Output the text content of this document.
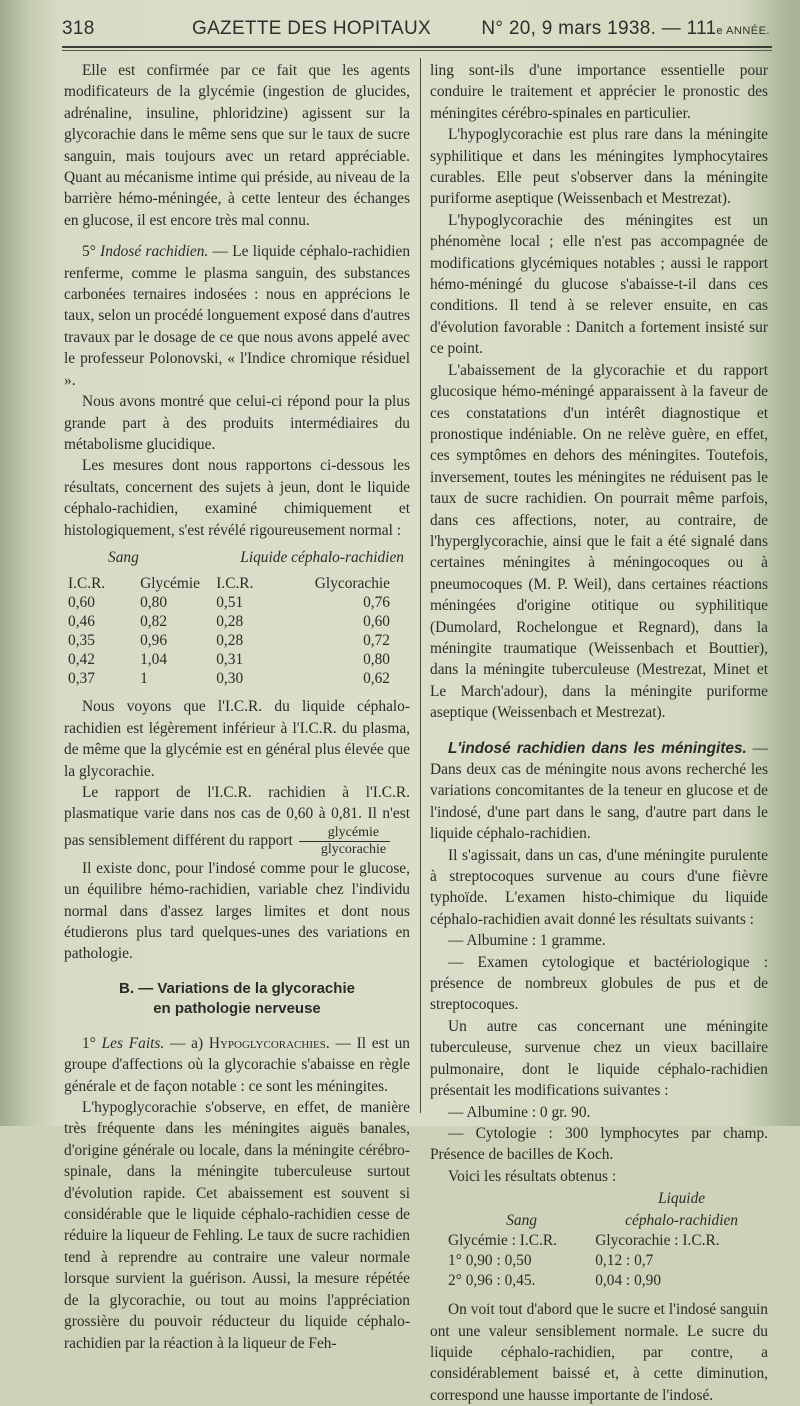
318	GAZETTE DES HOPITAUX	N° 20, 9 mars 1938. — 111e ANNÉE.

Elle est confirmée par ce fait que les agents modificateurs de la glycémie (ingestion de glucides, adrénaline, insuline, phloridzine) agissent sur la glycorachie dans le même sens que sur le taux de sucre sanguin, mais toujours avec un retard appréciable. Quant au mécanisme intime qui préside, au niveau de la barrière hémo-méningée, à cette lenteur des échanges en glucose, il est encore très mal connu.

5° Indosé rachidien. — Le liquide céphalo-rachidien renferme, comme le plasma sanguin, des substances carbonées ternaires indosées : nous en apprécions le taux, selon un procédé longuement exposé dans d'autres travaux par le dosage de ce que nous avons appelé avec le professeur Polonovski, « l'Indice chromique résiduel ».

Nous avons montré que celui-ci répond pour la plus grande part à des produits intermédiaires du métabolisme glucidique.

Les mesures dont nous rapportons ci-dessous les résultats, concernent des sujets à jeun, dont le liquide céphalo-rachidien, examiné chimiquement et histologiquement, s'est révélé rigoureusement normal :

Sang	Liquide céphalo-rachidien
I.C.R.	Glycémie	I.C.R.	Glycorachie
0,60	0,80	0,51	0,76
0,46	0,82	0,28	0,60
0,35	0,96	0,28	0,72
0,42	1,04	0,31	0,80
0,37	1	0,30	0,62

Nous voyons que l'I.C.R. du liquide céphalo-rachidien est légèrement inférieur à l'I.C.R. du plasma, de même que la glycémie est en général plus élevée que la glycorachie.

Le rapport de l'I.C.R. rachidien à l'I.C.R. plasmatique varie dans nos cas de 0,60 à 0,81. Il n'est pas sensiblement différent du rapport $\frac{\text{glycémie}}{\text{glycorachie}}$

Il existe donc, pour l'indosé comme pour le glucose, un équilibre hémo-rachidien, variable chez l'individu normal dans d'assez larges limites et dont nous étudierons plus tard quelques-unes des variations en pathologie.

B. — Variations de la glycorachie
en pathologie nerveuse

1° Les Faits. — a) Hypoglycorachies. — Il est un groupe d'affections où la glycorachie s'abaisse en règle générale et de façon notable : ce sont les méningites.

L'hypoglycorachie s'observe, en effet, de manière très fréquente dans les méningites aiguës banales, d'origine générale ou locale, dans la méningite cérébro-spinale, dans la méningite tuberculeuse surtout d'évolution rapide. Cet abaissement est souvent si considérable que le liquide céphalo-rachidien cesse de réduire la liqueur de Fehling. Le taux de sucre rachidien tend à reprendre au contraire une valeur normale lorsque survient la guérison. Aussi, la mesure répétée de la glycorachie, ou tout au moins l'appréciation grossière du pouvoir réducteur du liquide céphalo-rachidien par la réaction à la liqueur de Feh-

ling sont-ils d'une importance essentielle pour conduire le traitement et apprécier le pronostic des méningites cérébro-spinales en particulier.

L'hypoglycorachie est plus rare dans la méningite syphilitique et dans les méningites lymphocytaires curables. Elle peut s'observer dans la méningite puriforme aseptique (Weissenbach et Mestrezat).

L'hypoglycorachie des méningites est un phénomène local ; elle n'est pas accompagnée de modifications glycémiques notables ; aussi le rapport hémo-méningé du glucose s'abaisse-t-il dans ces conditions. Il tend à se relever ensuite, en cas d'évolution favorable : Danitch a fortement insisté sur ce point.

L'abaissement de la glycorachie et du rapport glucosique hémo-méningé apparaissent à la faveur de ces constatations d'un intérêt diagnostique et pronostique indéniable. On ne relève guère, en effet, ces symptômes en dehors des méningites. Toutefois, inversement, toutes les méningites ne réduisent pas le taux de sucre rachidien. On pourrait même parfois, dans ces affections, noter, au contraire, de l'hyperglycorachie, ainsi que le fait a été signalé dans certaines méningites à méningocoques ou à pneumocoques (M. P. Weil), dans certaines réactions méningées d'origine otitique ou syphilitique (Dumolard, Rochelongue et Regnard), dans la méningite traumatique (Weissenbach et Bouttier), dans la méningite tuberculeuse (Mestrezat, Minet et Le March'adour), dans la méningite puriforme aseptique (Weissenbach et Mestrezat).

L'indosé rachidien dans les méningites. — Dans deux cas de méningite nous avons recherché les variations concomitantes de la teneur en glucose et de l'indosé, d'une part dans le sang, d'autre part dans le liquide céphalo-rachidien.

Il s'agissait, dans un cas, d'une méningite purulente à streptocoques survenue au cours d'une fièvre typhoïde. L'examen histo-chimique du liquide céphalo-rachidien avait donné les résultats suivants :

— Albumine : 1 gramme.

— Examen cytologique et bactériologique : présence de nombreux globules de pus et de streptocoques.

Un autre cas concernant une méningite tuberculeuse, survenue chez un vieux bacillaire pulmonaire, dont le liquide céphalo-rachidien présentait les modifications suivantes :

— Albumine : 0 gr. 90.

— Cytologie : 300 lymphocytes par champ. Présence de bacilles de Koch.

Voici les résultats obtenus :

Liquide
Sang	céphalo-rachidien
Glycémie : I.C.R.	Glycorachie : I.C.R.
1° 0,90 : 0,50	0,12 : 0,7
2° 0,96 : 0,45.	0,04 : 0,90

On voit tout d'abord que le sucre et l'indosé sanguin ont une valeur sensiblement normale. Le sucre du liquide céphalo-rachidien, par contre, a considérablement baissé et, à cette diminution, correspond une hausse importante de l'indosé.
